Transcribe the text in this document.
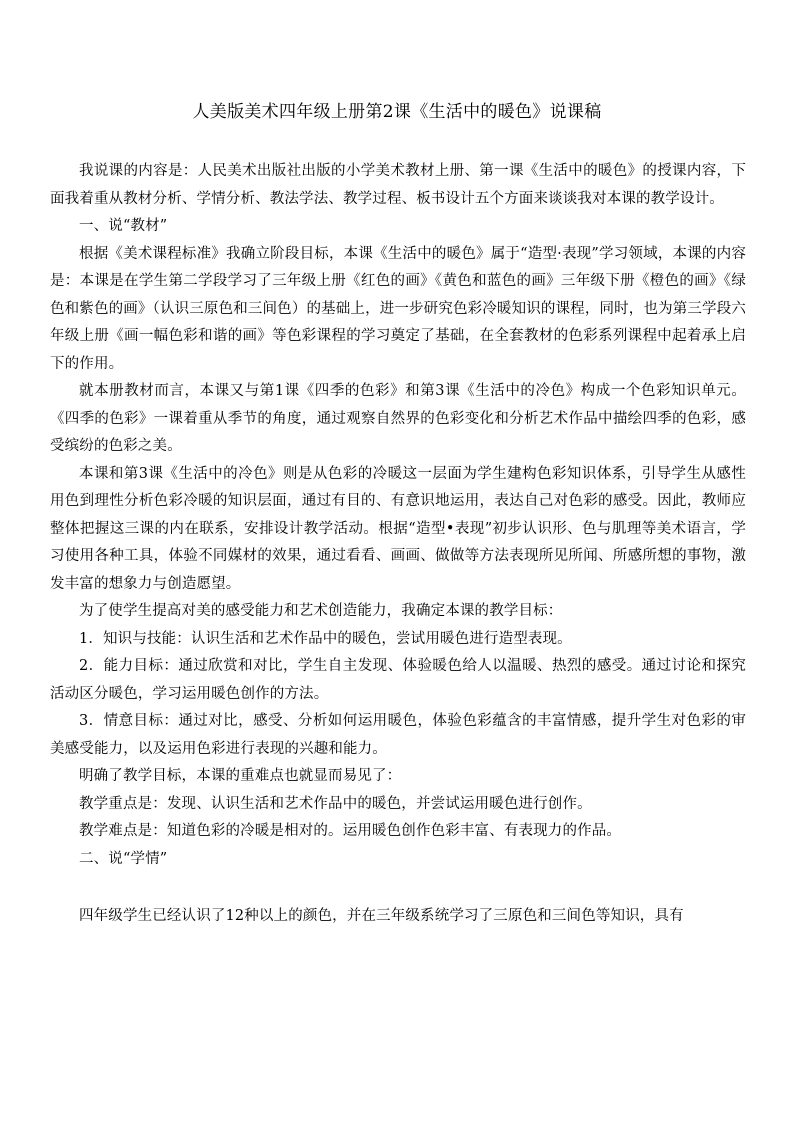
人美版美术四年级上册第2课《生活中的暖色》说课稿

我说课的内容是：人民美术出版社出版的小学美术教材上册、第一课《生活中的暖色》的授课内容，下面我着重从教材分析、学情分析、教法学法、教学过程、板书设计五个方面来谈谈我对本课的教学设计。

一、说“教材”

根据《美术课程标准》我确立阶段目标，本课《生活中的暖色》属于“造型·表现”学习领域，本课的内容是：本课是在学生第二学段学习了三年级上册《红色的画》《黄色和蓝色的画》三年级下册《橙色的画》《绿色和紫色的画》（认识三原色和三间色）的基础上，进一步研究色彩冷暖知识的课程，同时，也为第三学段六年级上册《画一幅色彩和谐的画》等色彩课程的学习奠定了基础，在全套教材的色彩系列课程中起着承上启下的作用。

就本册教材而言，本课又与第1课《四季的色彩》和第3课《生活中的冷色》构成一个色彩知识单元。《四季的色彩》一课着重从季节的角度，通过观察自然界的色彩变化和分析艺术作品中描绘四季的色彩，感受缤纷的色彩之美。

本课和第3课《生活中的冷色》则是从色彩的冷暖这一层面为学生建构色彩知识体系，引导学生从感性用色到理性分析色彩冷暖的知识层面，通过有目的、有意识地运用，表达自己对色彩的感受。因此，教师应整体把握这三课的内在联系，安排设计教学活动。根据“造型•表现”初步认识形、色与肌理等美术语言，学习使用各种工具，体验不同媒材的效果，通过看看、画画、做做等方法表现所见所闻、所感所想的事物，激发丰富的想象力与创造愿望。

为了使学生提高对美的感受能力和艺术创造能力，我确定本课的教学目标：

1．知识与技能：认识生活和艺术作品中的暖色，尝试用暖色进行造型表现。

2．能力目标：通过欣赏和对比，学生自主发现、体验暖色给人以温暖、热烈的感受。通过讨论和探究活动区分暖色，学习运用暖色创作的方法。

3．情意目标：通过对比，感受、分析如何运用暖色，体验色彩蕴含的丰富情感，提升学生对色彩的审美感受能力，以及运用色彩进行表现的兴趣和能力。

明确了教学目标，本课的重难点也就显而易见了：

教学重点是：发现、认识生活和艺术作品中的暖色，并尝试运用暖色进行创作。

教学难点是：知道色彩的冷暖是相对的。运用暖色创作色彩丰富、有表现力的作品。

二、说“学情”

四年级学生已经认识了12种以上的颜色，并在三年级系统学习了三原色和三间色等知识，具有
